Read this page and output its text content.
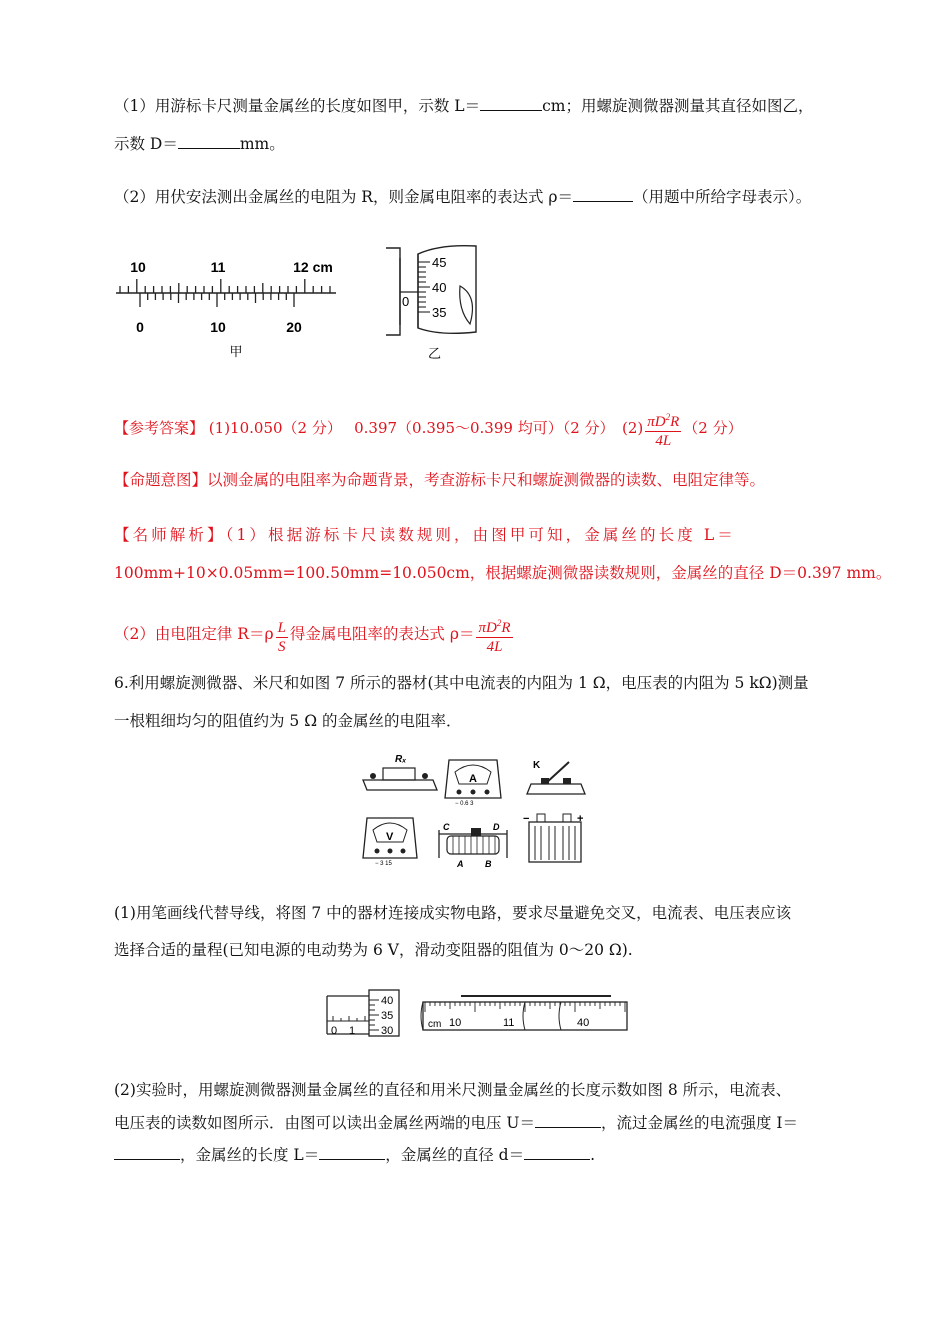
（1）用游标卡尺测量金属丝的长度如图甲，示数 L＝	cm；用螺旋测微器测量其直径如图乙，
示数 D＝	mm。
（2）用伏安法测出金属丝的电阻为 R，则金属电阻率的表达式 ρ＝	（用题中所给字母表示）。
10	11	12 cm
0	10	20
甲
45
40
0
35
乙
【参考答案】 (1)10.050（2 分）　 0.397（0.395～0.399 均可）（2 分）　$(2) \frac{\pi D^2R}{4L} (2$ 分）
【命题意图】以测金属的电阻率为命题背景，考查游标卡尺和螺旋测微器的读数、电阻定律等。
【名师解析】（1）根据游标卡尺读数规则，由图甲可知，金属丝的长度 L＝
100mm+10×0.05mm=100.50mm=10.050cm，根据螺旋测微器读数规则，金属丝的直径 D＝0.397 mm。
（2）由电阻定律 $R=\rho \frac{L}{S}$ 得金属电阻率的表达式 $\rho= \frac{\pi D^2R}{4L}$
6.利用螺旋测微器、米尺和如图 7 所示的器材(其中电流表的内阻为 1 Ω，电压表的内阻为 5 kΩ)测量
一根粗细均匀的阻值约为 5 Ω 的金属丝的电阻率．
Rₓ
A
− 0.6 3
K
V
− 3 15
C	D
A B
−	+
(1)用笔画线代替导线，将图 7 中的器材连接成实物电路，要求尽量避免交叉，电流表、电压表应该
选择合适的量程(已知电源的电动势为 6 V，滑动变阻器的阻值为 0～20 Ω).
40
35
30
0 1
cm 10	11	40
(2)实验时，用螺旋测微器测量金属丝的直径和用米尺测量金属丝的长度示数如图 8 所示，电流表、
电压表的读数如图所示．由图可以读出金属丝两端的电压 U＝	，流过金属丝的电流强度 I＝
，金属丝的长度 L＝	，金属丝的直径 d＝	.
